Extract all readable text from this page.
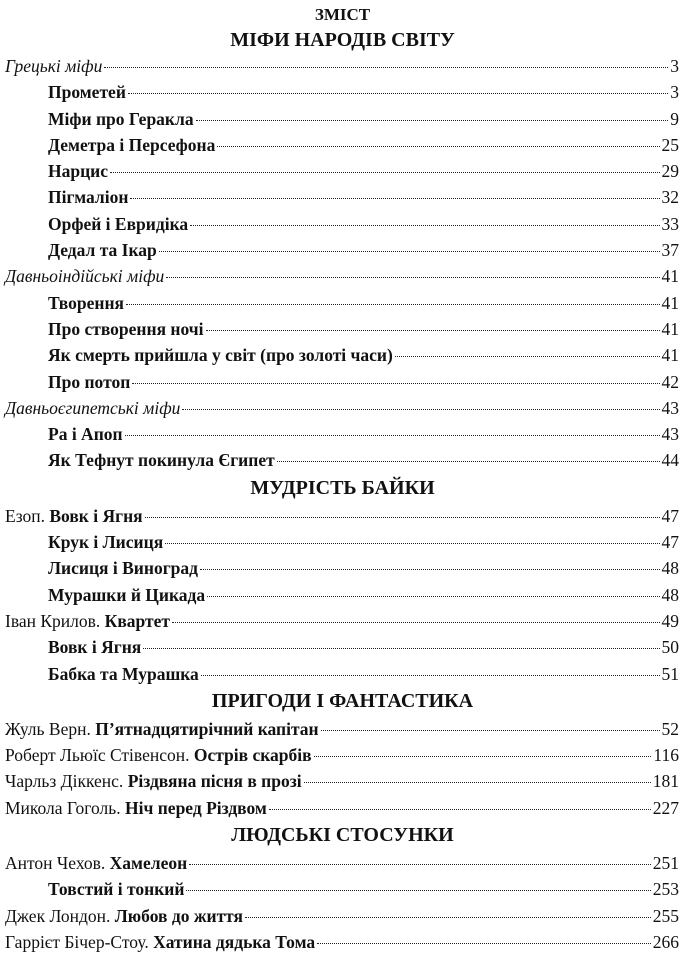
ЗМІСТ
МІФИ НАРОДІВ СВІТУ
Грецькі міфи	3
Прометей	3
Міфи про Геракла	9
Деметра і Персефона	25
Нарцис	29
Пігмаліон	32
Орфей і Евридіка	33
Дедал та Ікар	37
Давньоіндійські міфи	41
Творення	41
Про створення ночі	41
Як смерть прийшла у світ (про золоті часи)	41
Про потоп	42
Давньоєгипетські міфи	43
Ра і Апоп	43
Як Тефнут покинула Єгипет	44
МУДРІСТЬ БАЙКИ
Езоп. Вовк і Ягня	47
Крук і Лисиця	47
Лисиця і Виноград	48
Мурашки й Цикада	48
Іван Крилов. Квартет	49
Вовк і Ягня	50
Бабка та Мурашка	51
ПРИГОДИ І ФАНТАСТИКА
Жуль Верн. П’ятнадцятирічний капітан	52
Роберт Льюїс Стівенсон. Острів скарбів	116
Чарльз Діккенс. Різдвяна пісня в прозі	181
Микола Гоголь. Ніч перед Різдвом	227
ЛЮДСЬКІ СТОСУНКИ
Антон Чехов. Хамелеон	251
Товстий і тонкий	253
Джек Лондон. Любов до життя	255
Гаррієт Бічер-Стоу. Хатина дядька Тома	266
